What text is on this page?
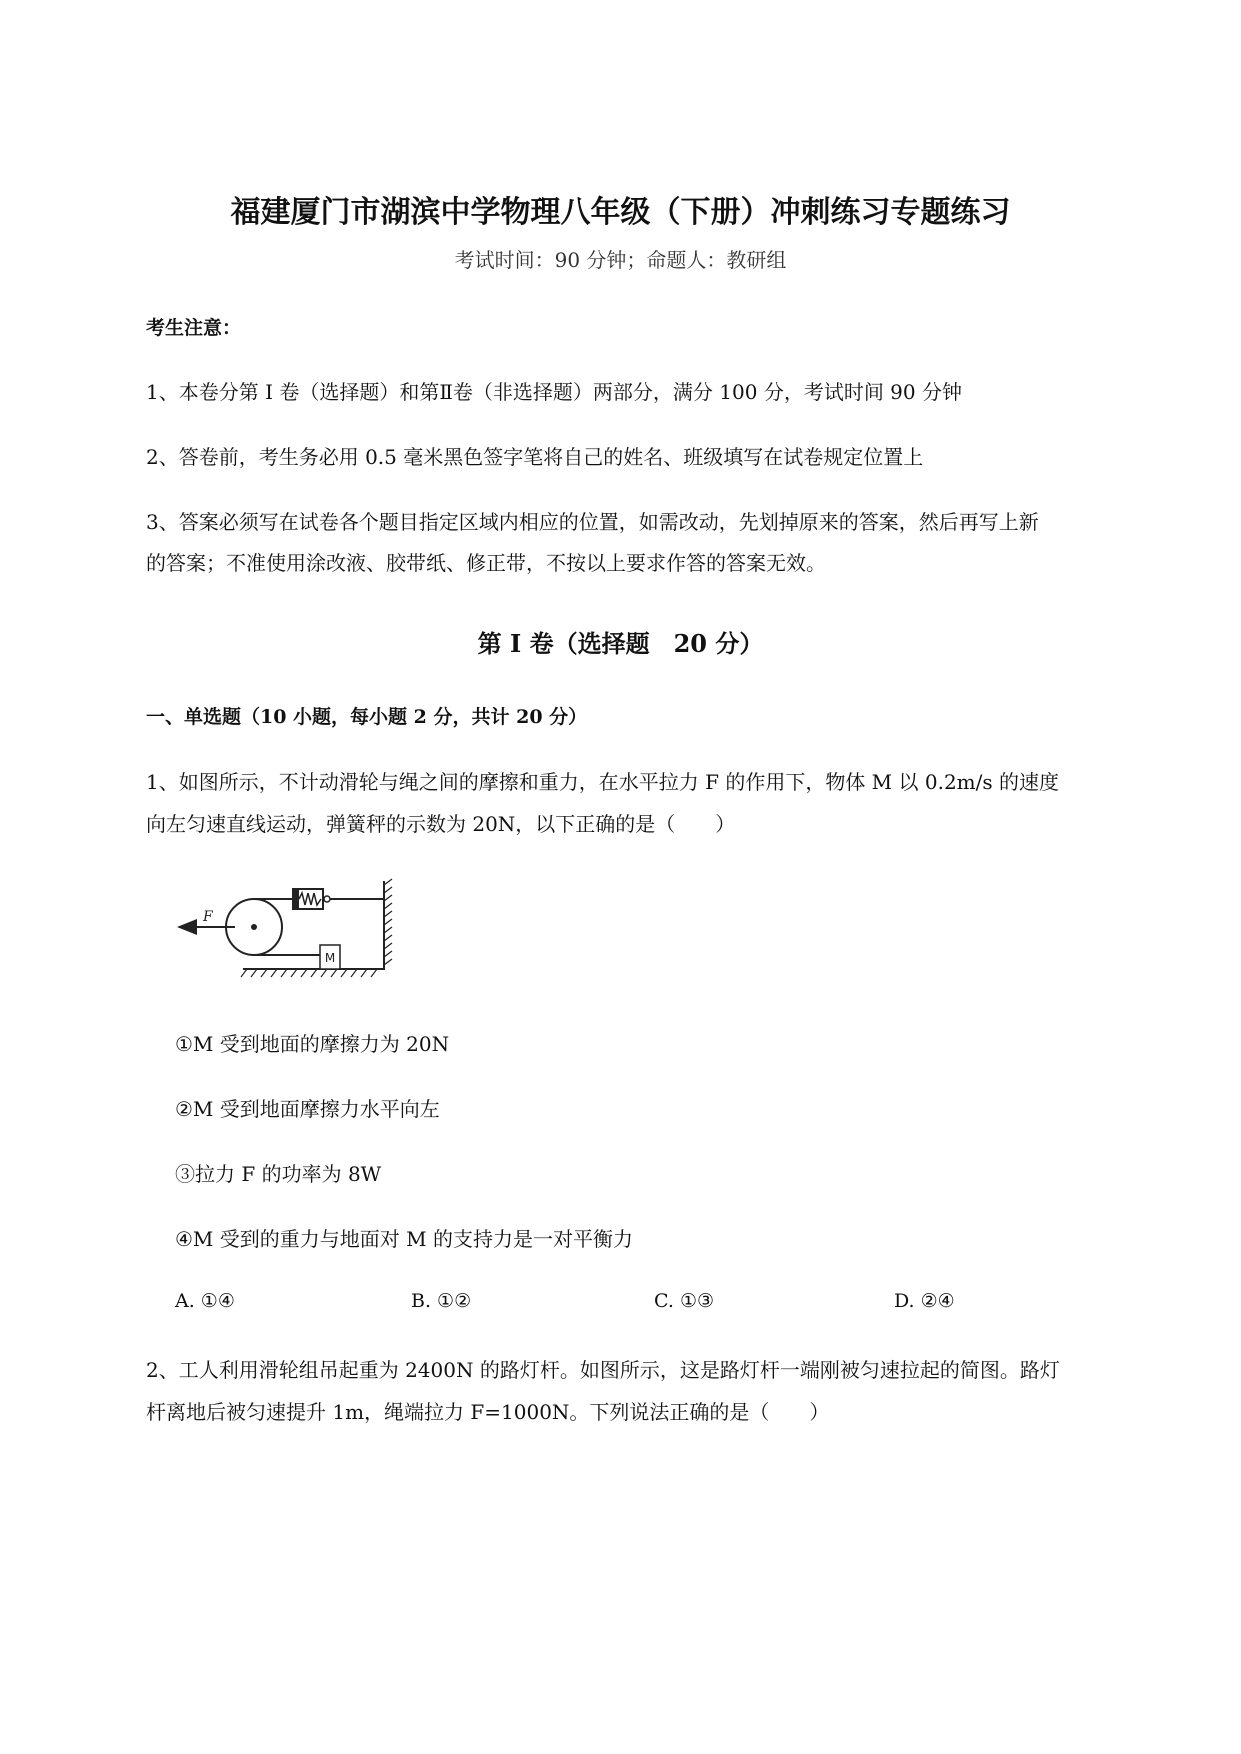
福建厦门市湖滨中学物理八年级（下册）冲刺练习专题练习
考试时间：90 分钟；命题人：教研组
考生注意：
1、本卷分第 I 卷（选择题）和第Ⅱ卷（非选择题）两部分，满分 100 分，考试时间 90 分钟
2、答卷前，考生务必用 0.5 毫米黑色签字笔将自己的姓名、班级填写在试卷规定位置上
3、答案必须写在试卷各个题目指定区域内相应的位置，如需改动，先划掉原来的答案，然后再写上新
的答案；不准使用涂改液、胶带纸、修正带，不按以上要求作答的答案无效。
第 I 卷（选择题　20 分）
一、单选题（10 小题，每小题 2 分，共计 20 分）
1、如图所示，不计动滑轮与绳之间的摩擦和重力，在水平拉力 F 的作用下，物体 M 以 0.2m/s 的速度
向左匀速直线运动，弹簧秤的示数为 20N，以下正确的是（　　）
M
F
①M 受到地面的摩擦力为 20N
②M 受到地面摩擦力水平向左
③拉力 F 的功率为 8W
④M 受到的重力与地面对 M 的支持力是一对平衡力
A. ①④	B. ①②	C. ①③	D. ②④
2、工人利用滑轮组吊起重为 2400N 的路灯杆。如图所示，这是路灯杆一端刚被匀速拉起的简图。路灯
杆离地后被匀速提升 1m，绳端拉力 F=1000N。下列说法正确的是（　　）
